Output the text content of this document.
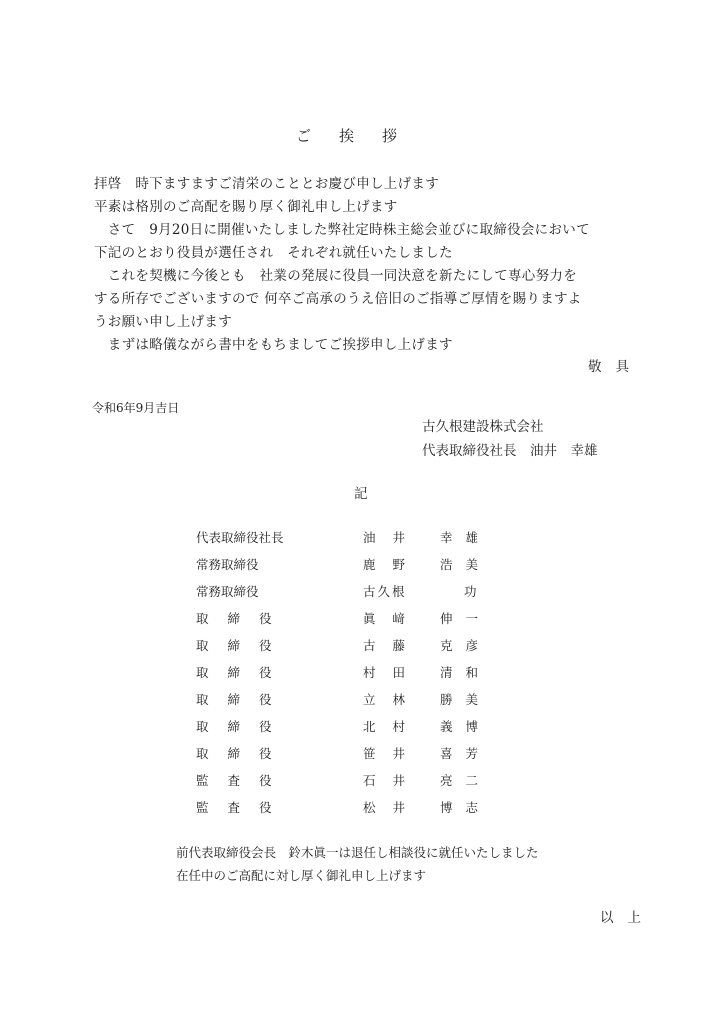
ご挨拶
拝啓　時下ますますご清栄のこととお慶び申し上げます
平素は格別のご高配を賜り厚く御礼申し上げます
　さて　9月20日に開催いたしました弊社定時株主総会並びに取締役会において
下記のとおり役員が選任され　それぞれ就任いたしました
　これを契機に今後とも　社業の発展に役員一同決意を新たにして専心努力を
する所存でございますので 何卒ご高承のうえ倍旧のご指導ご厚情を賜りますよ
うお願い申し上げます
　まずは略儀ながら書中をもちましてご挨拶申し上げます
敬具
令和6年9月吉日
古久根建設株式会社
代表取締役社長　油井　幸雄
記
代表取締役社長	油井 幸雄
常務取締役	鹿野 浩美
常務取締役	古久根	功
取締役	眞﨑 伸一
取締役	古藤 克彦
取締役	村田 清和
取締役	立林 勝美
取締役	北村 義博
取締役	笹井 喜芳
監査役	石井 亮二
監査役	松井 博志
前代表取締役会長　鈴木眞一は退任し相談役に就任いたしました
在任中のご高配に対し厚く御礼申し上げます
以上
